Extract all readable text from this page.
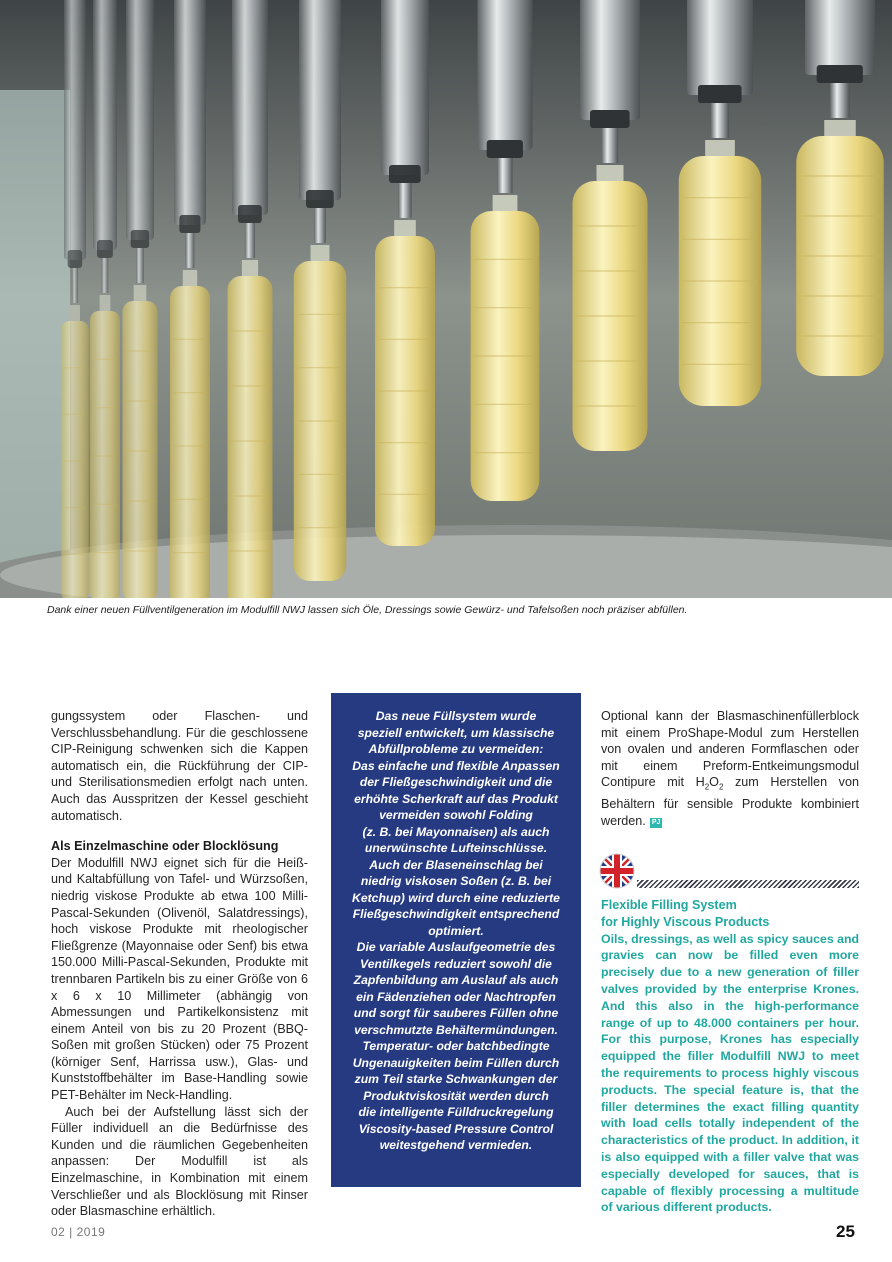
Dank einer neuen Füllventilgeneration im Modulfill NWJ lassen sich Öle, Dressings sowie Gewürz- und Tafelsoßen noch präziser abfüllen.

gungssystem oder Flaschen- und Verschlussbehandlung. Für die geschlossene CIP-Reinigung schwenken sich die Kappen automatisch ein, die Rückführung der CIP- und Sterilisationsmedien erfolgt nach unten. Auch das Ausspritzen der Kessel geschieht automatisch.

Als Einzelmaschine oder Blocklösung

Der Modulfill NWJ eignet sich für die Heiß- und Kaltabfüllung von Tafel- und Würzsoßen, niedrig viskose Produkte ab etwa 100 Milli-Pascal-Sekunden (Olivenöl, Salatdressings), hoch viskose Produkte mit rheologischer Fließgrenze (Mayonnaise oder Senf) bis etwa 150.000 Milli-Pascal-Sekunden, Produkte mit trennbaren Partikeln bis zu einer Größe von 6 x 6 x 10 Millimeter (abhängig von Abmessungen und Partikelkonsistenz mit einem Anteil von bis zu 20 Prozent (BBQ-Soßen mit großen Stücken) oder 75 Prozent (körniger Senf, Harrissa usw.), Glas- und Kunststoffbehälter im Base-Handling sowie PET-Behälter im Neck-Handling.

Auch bei der Aufstellung lässt sich der Füller individuell an die Bedürfnisse des Kunden und die räumlichen Gegebenheiten anpassen: Der Modulfill ist als Einzelmaschine, in Kombination mit einem Verschließer und als Blocklösung mit Rinser oder Blasmaschine erhältlich.

Das neue Füllsystem wurde

speziell entwickelt, um klassische

Abfüllprobleme zu vermeiden:

Das einfache und flexible Anpassen

der Fließgeschwindigkeit und die

erhöhte Scherkraft auf das Produkt

vermeiden sowohl Folding

(z. B. bei Mayonnaisen) als auch

unerwünschte Lufteinschlüsse.

Auch der Blaseneinschlag bei

niedrig viskosen Soßen (z. B. bei

Ketchup) wird durch eine reduzierte

Fließgeschwindigkeit entsprechend

optimiert.

Die variable Auslaufgeometrie des

Ventilkegels reduziert sowohl die

Zapfenbildung am Auslauf als auch

ein Fädenziehen oder Nachtropfen

und sorgt für sauberes Füllen ohne

verschmutzte Behältermündungen.

Temperatur- oder batchbedingte

Ungenauigkeiten beim Füllen durch

zum Teil starke Schwankungen der

Produktviskosität werden durch

die intelligente Fülldruckregelung

Viscosity-based Pressure Control

weitestgehend vermieden.

Optional kann der Blasmaschinenfüllerblock mit einem ProShape-Modul zum Herstellen von ovalen und anderen Formflaschen oder mit einem Preform-Entkeimungsmodul Contipure mit $H_2O_2$ zum Herstellen von Behältern für sensible Produkte kombiniert werden. PJ

Flexible Filling System
for Highly Viscous Products

Oils, dressings, as well as spicy sauces and gravies can now be filled even more precisely due to a new generation of filler valves provided by the enterprise Krones. And this also in the high-performance range of up to 48.000 containers per hour. For this purpose, Krones has especially equipped the filler Modulfill NWJ to meet the requirements to process highly viscous products. The special feature is, that the filler determines the exact filling quantity with load cells totally independent of the characteristics of the product. In addition, it is also equipped with a filler valve that was especially developed for sauces, that is capable of flexibly processing a multitude of various different products.

02 | 2019	25
